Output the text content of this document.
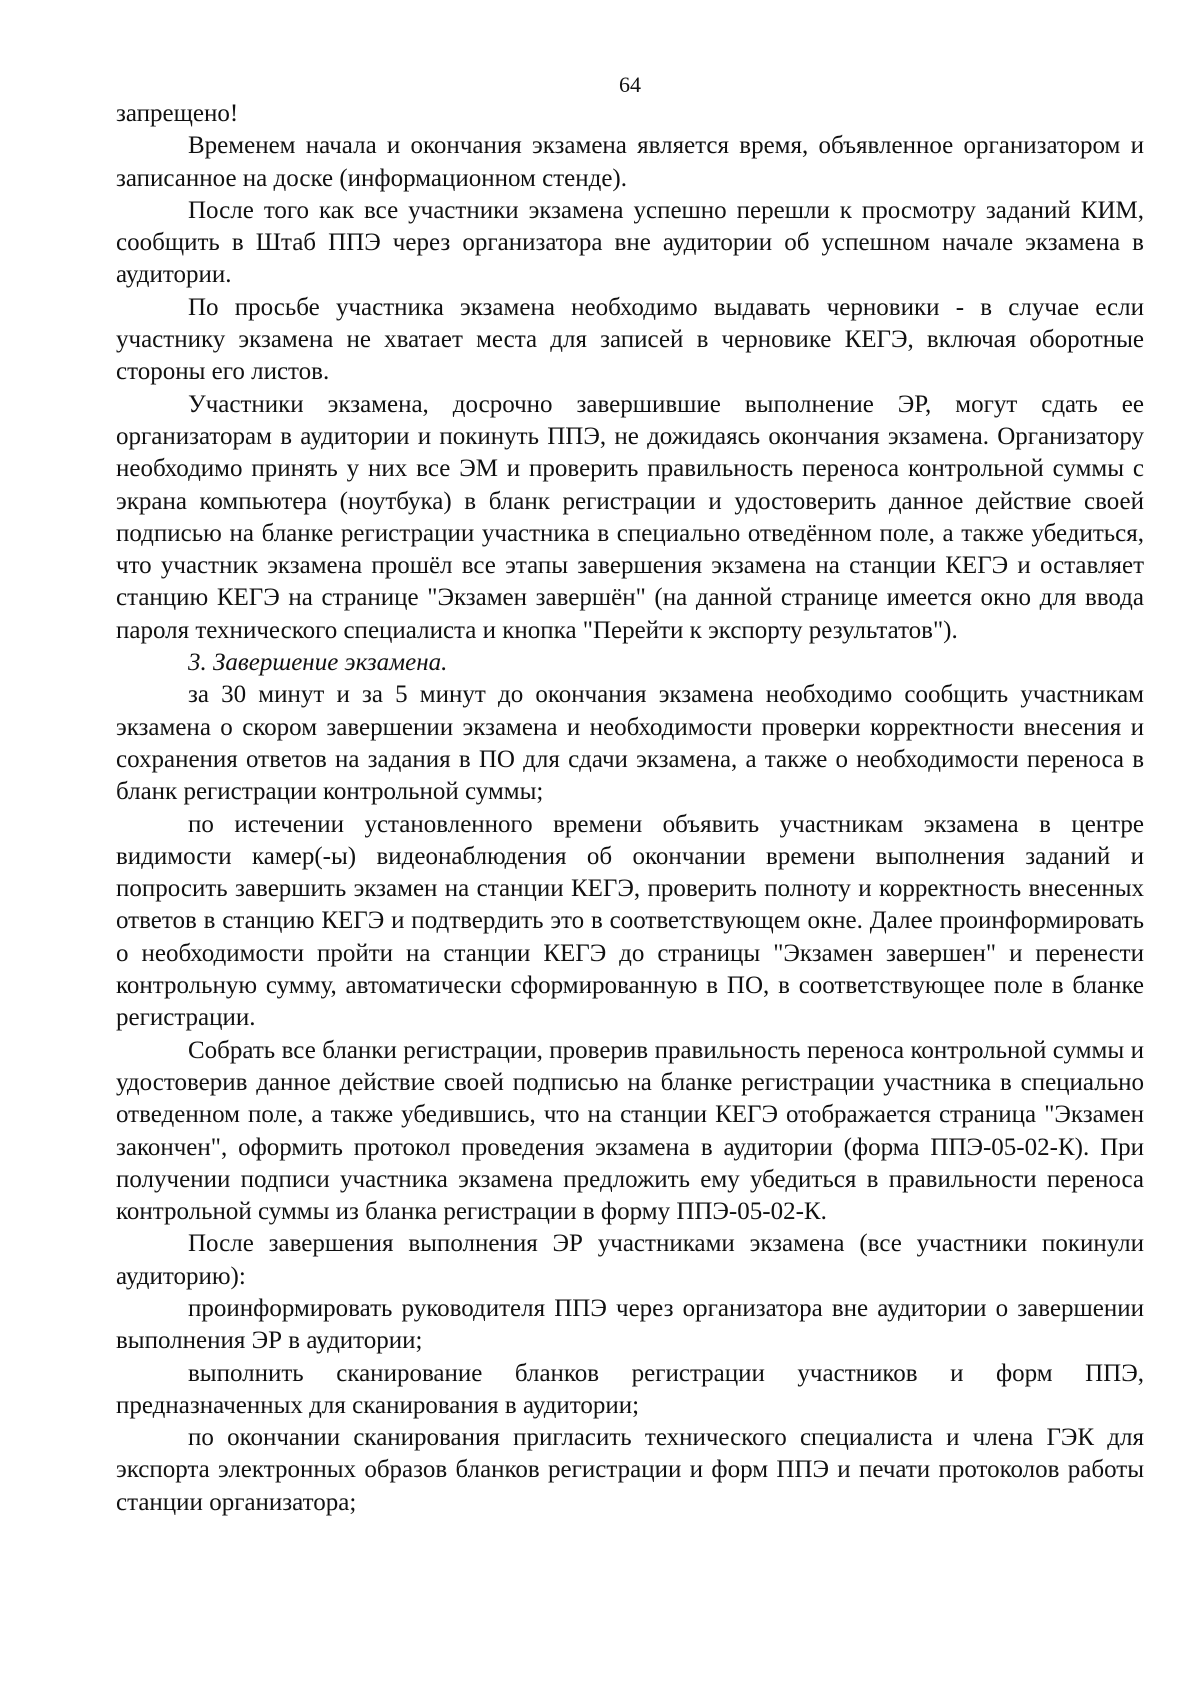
64

запрещено!

Временем начала и окончания экзамена является время, объявленное организатором и записанное на доске (информационном стенде).

После того как все участники экзамена успешно перешли к просмотру заданий КИМ, сообщить в Штаб ППЭ через организатора вне аудитории об успешном начале экзамена в аудитории.

По просьбе участника экзамена необходимо выдавать черновики - в случае если участнику экзамена не хватает места для записей в черновике КЕГЭ, включая оборотные стороны его листов.

Участники экзамена, досрочно завершившие выполнение ЭР, могут сдать ее организаторам в аудитории и покинуть ППЭ, не дожидаясь окончания экзамена. Организатору необходимо принять у них все ЭМ и проверить правильность переноса контрольной суммы с экрана компьютера (ноутбука) в бланк регистрации и удостоверить данное действие своей подписью на бланке регистрации участника в специально отведённом поле, а также убедиться, что участник экзамена прошёл все этапы завершения экзамена на станции КЕГЭ и оставляет станцию КЕГЭ на странице "Экзамен завершён" (на данной странице имеется окно для ввода пароля технического специалиста и кнопка "Перейти к экспорту результатов").

3. Завершение экзамена.

за 30 минут и за 5 минут до окончания экзамена необходимо сообщить участникам экзамена о скором завершении экзамена и необходимости проверки корректности внесения и сохранения ответов на задания в ПО для сдачи экзамена, а также о необходимости переноса в бланк регистрации контрольной суммы;

по истечении установленного времени объявить участникам экзамена в центре видимости камер(-ы) видеонаблюдения об окончании времени выполнения заданий и попросить завершить экзамен на станции КЕГЭ, проверить полноту и корректность внесенных ответов в станцию КЕГЭ и подтвердить это в соответствующем окне. Далее проинформировать о необходимости пройти на станции КЕГЭ до страницы "Экзамен завершен" и перенести контрольную сумму, автоматически сформированную в ПО, в соответствующее поле в бланке регистрации.

Собрать все бланки регистрации, проверив правильность переноса контрольной суммы и удостоверив данное действие своей подписью на бланке регистрации участника в специально отведенном поле, а также убедившись, что на станции КЕГЭ отображается страница "Экзамен закончен", оформить протокол проведения экзамена в аудитории (форма ППЭ-05-02-К). При получении подписи участника экзамена предложить ему убедиться в правильности переноса контрольной суммы из бланка регистрации в форму ППЭ-05-02-К.

После завершения выполнения ЭР участниками экзамена (все участники покинули аудиторию):

проинформировать руководителя ППЭ через организатора вне аудитории о завершении выполнения ЭР в аудитории;

выполнить сканирование бланков регистрации участников и форм ППЭ, предназначенных для сканирования в аудитории;

по окончании сканирования пригласить технического специалиста и члена ГЭК для экспорта электронных образов бланков регистрации и форм ППЭ и печати протоколов работы станции организатора;
